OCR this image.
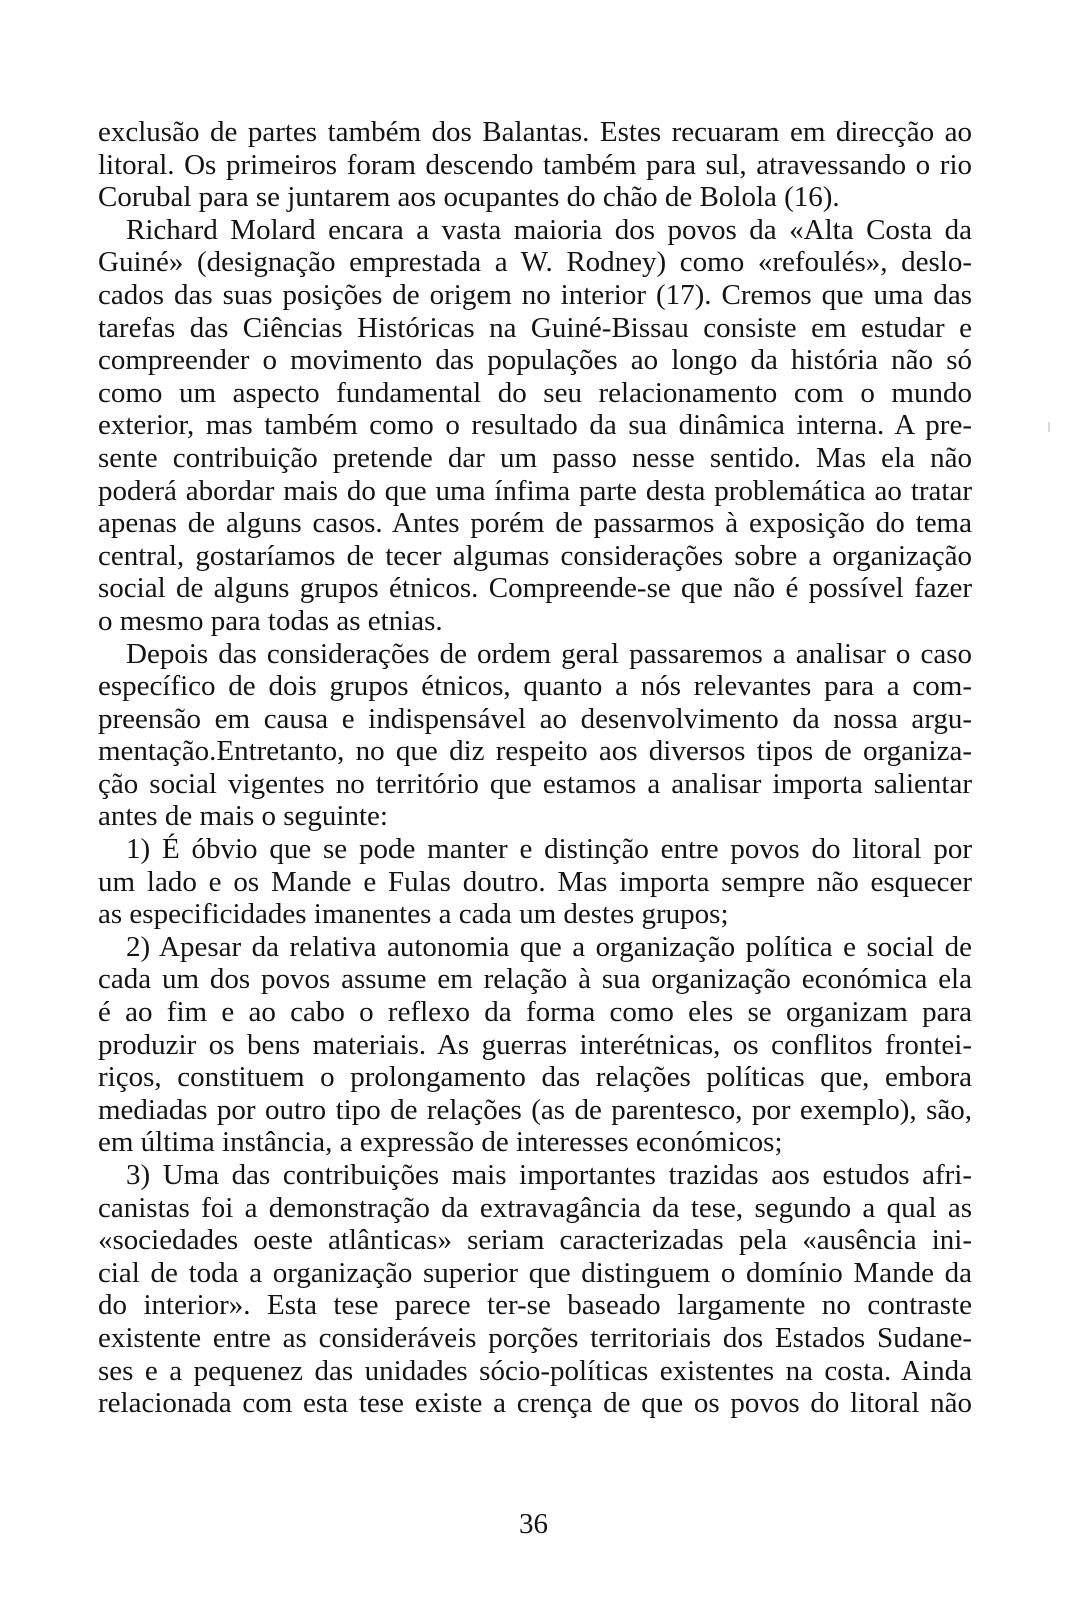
exclusão de partes também dos Balantas. Estes recuaram em direcção ao
litoral. Os primeiros foram descendo também para sul, atravessando o rio
Corubal para se juntarem aos ocupantes do chão de Bolola (16).
Richard Molard encara a vasta maioria dos povos da «Alta Costa da
Guiné» (designação emprestada a W. Rodney) como «refoulés», deslo-
cados das suas posições de origem no interior (17). Cremos que uma das
tarefas das Ciências Históricas na Guiné-Bissau consiste em estudar e
compreender o movimento das populações ao longo da história não só
como um aspecto fundamental do seu relacionamento com o mundo
exterior, mas também como o resultado da sua dinâmica interna. A pre-
sente contribuição pretende dar um passo nesse sentido. Mas ela não
poderá abordar mais do que uma ínfima parte desta problemática ao tratar
apenas de alguns casos. Antes porém de passarmos à exposição do tema
central, gostaríamos de tecer algumas considerações sobre a organização
social de alguns grupos étnicos. Compreende-se que não é possível fazer
o mesmo para todas as etnias.
Depois das considerações de ordem geral passaremos a analisar o caso
específico de dois grupos étnicos, quanto a nós relevantes para a com-
preensão em causa e indispensável ao desenvolvimento da nossa argu-
mentação.Entretanto, no que diz respeito aos diversos tipos de organiza-
ção social vigentes no território que estamos a analisar importa salientar
antes de mais o seguinte:
1) É óbvio que se pode manter e distinção entre povos do litoral por
um lado e os Mande e Fulas doutro. Mas importa sempre não esquecer
as especificidades imanentes a cada um destes grupos;
2) Apesar da relativa autonomia que a organização política e social de
cada um dos povos assume em relação à sua organização económica ela
é ao fim e ao cabo o reflexo da forma como eles se organizam para
produzir os bens materiais. As guerras interétnicas, os conflitos frontei-
riços, constituem o prolongamento das relações políticas que, embora
mediadas por outro tipo de relações (as de parentesco, por exemplo), são,
em última instância, a expressão de interesses económicos;
3) Uma das contribuições mais importantes trazidas aos estudos afri-
canistas foi a demonstração da extravagância da tese, segundo a qual as
«sociedades oeste atlânticas» seriam caracterizadas pela «ausência ini-
cial de toda a organização superior que distinguem o domínio Mande da
do interior». Esta tese parece ter-se baseado largamente no contraste
existente entre as consideráveis porções territoriais dos Estados Sudane-
ses e a pequenez das unidades sócio-políticas existentes na costa. Ainda
relacionada com esta tese existe a crença de que os povos do litoral não
36
